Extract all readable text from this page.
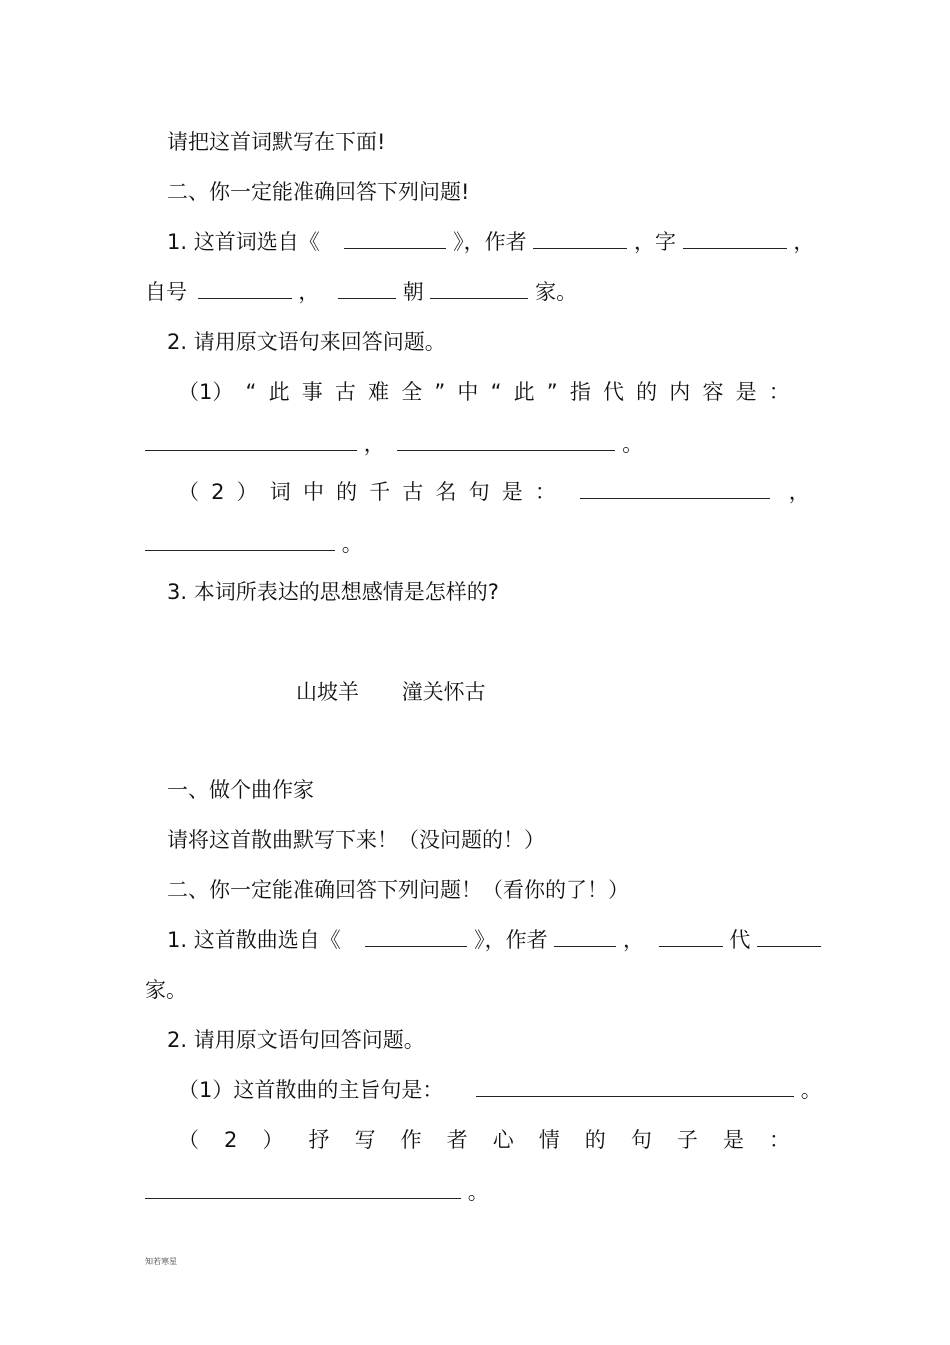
请把这首词默写在下面!
二、你一定能准确回答下列问题!
1. 这首词选自《	》，作者	，字	，
自号	，	朝	家。
2. 请用原文语句来回答问题。
（1） “ 此 事 古 难 全 ” 中 “ 此 ” 指 代 的 内 容 是 ：
，	。
（ 2 ） 词 中 的 千 古 名 句 是 ：	，
。
3. 本词所表达的思想感情是怎样的?
山坡羊 潼关怀古
一、做个曲作家
请将这首散曲默写下来！（没问题的！）
二、你一定能准确回答下列问题！（看你的了！）
1. 这首散曲选自《	》，作者	，	代
家。
2. 请用原文语句回答问题。
（1）这首散曲的主旨句是：	。
（ 2 ） 抒 写 作 者 心 情 的 句 子 是 ：
。
知若寒星
